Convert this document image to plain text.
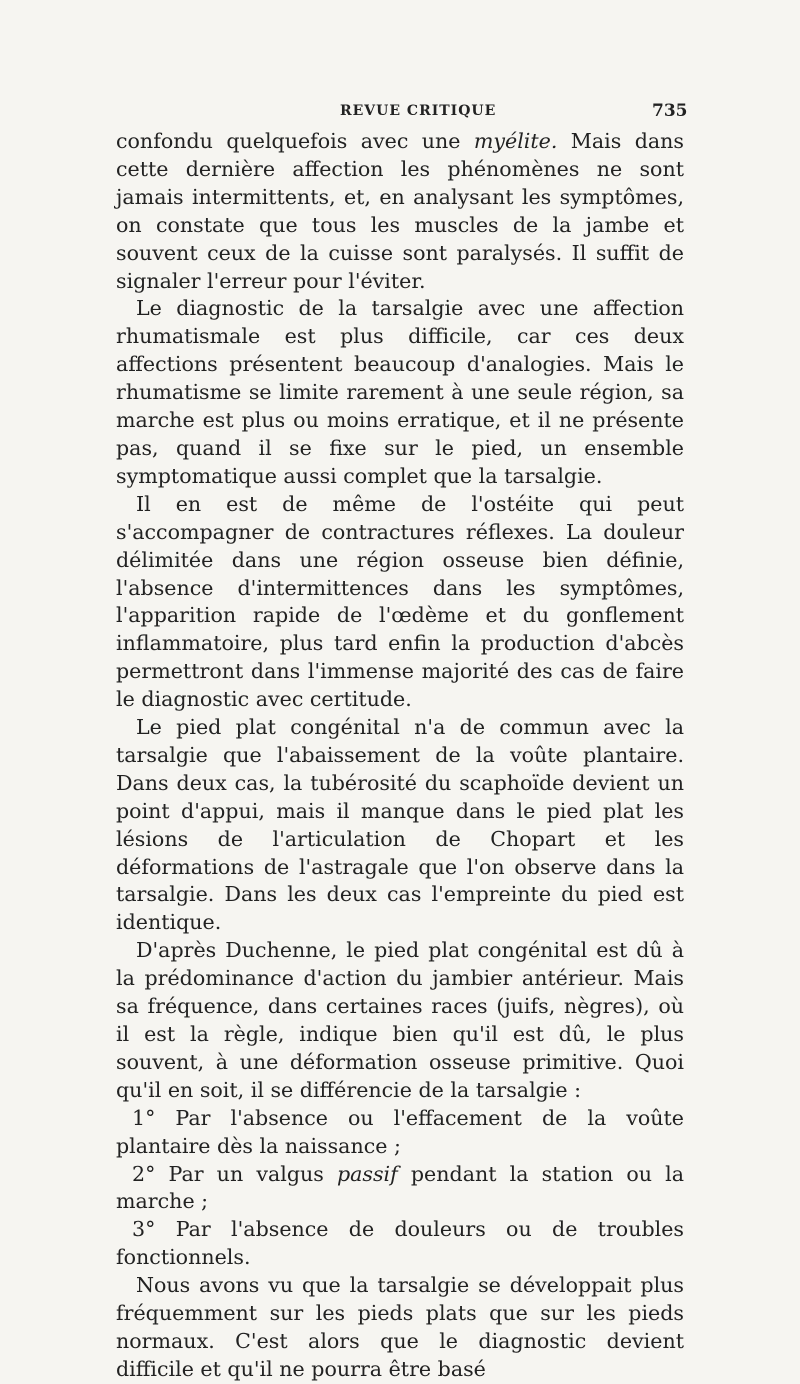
REVUE CRITIQUE	735

confondu quelquefois avec une myélite. Mais dans cette dernière affection les phénomènes ne sont jamais intermittents, et, en analysant les symptômes, on constate que tous les muscles de la jambe et souvent ceux de la cuisse sont paralysés. Il suffit de signaler l'erreur pour l'éviter.

Le diagnostic de la tarsalgie avec une affection rhumatismale est plus difficile, car ces deux affections présentent beaucoup d'analogies. Mais le rhumatisme se limite rarement à une seule région, sa marche est plus ou moins erratique, et il ne présente pas, quand il se fixe sur le pied, un ensemble symptomatique aussi complet que la tarsalgie.

Il en est de même de l'ostéite qui peut s'accompagner de contractures réflexes. La douleur délimitée dans une région osseuse bien définie, l'absence d'intermittences dans les symptômes, l'apparition rapide de l'œdème et du gonflement inflammatoire, plus tard enfin la production d'abcès permettront dans l'immense majorité des cas de faire le diagnostic avec certitude.

Le pied plat congénital n'a de commun avec la tarsalgie que l'abaissement de la voûte plantaire. Dans deux cas, la tubérosité du scaphoïde devient un point d'appui, mais il manque dans le pied plat les lésions de l'articulation de Chopart et les déformations de l'astragale que l'on observe dans la tarsalgie. Dans les deux cas l'empreinte du pied est identique.

D'après Duchenne, le pied plat congénital est dû à la prédominance d'action du jambier antérieur. Mais sa fréquence, dans certaines races (juifs, nègres), où il est la règle, indique bien qu'il est dû, le plus souvent, à une déformation osseuse primitive. Quoi qu'il en soit, il se différencie de la tarsalgie :

1° Par l'absence ou l'effacement de la voûte plantaire dès la naissance ;

2° Par un valgus passif pendant la station ou la marche ;

3° Par l'absence de douleurs ou de troubles fonctionnels.

Nous avons vu que la tarsalgie se développait plus fréquemment sur les pieds plats que sur les pieds normaux. C'est alors que le diagnostic devient difficile et qu'il ne pourra être basé
